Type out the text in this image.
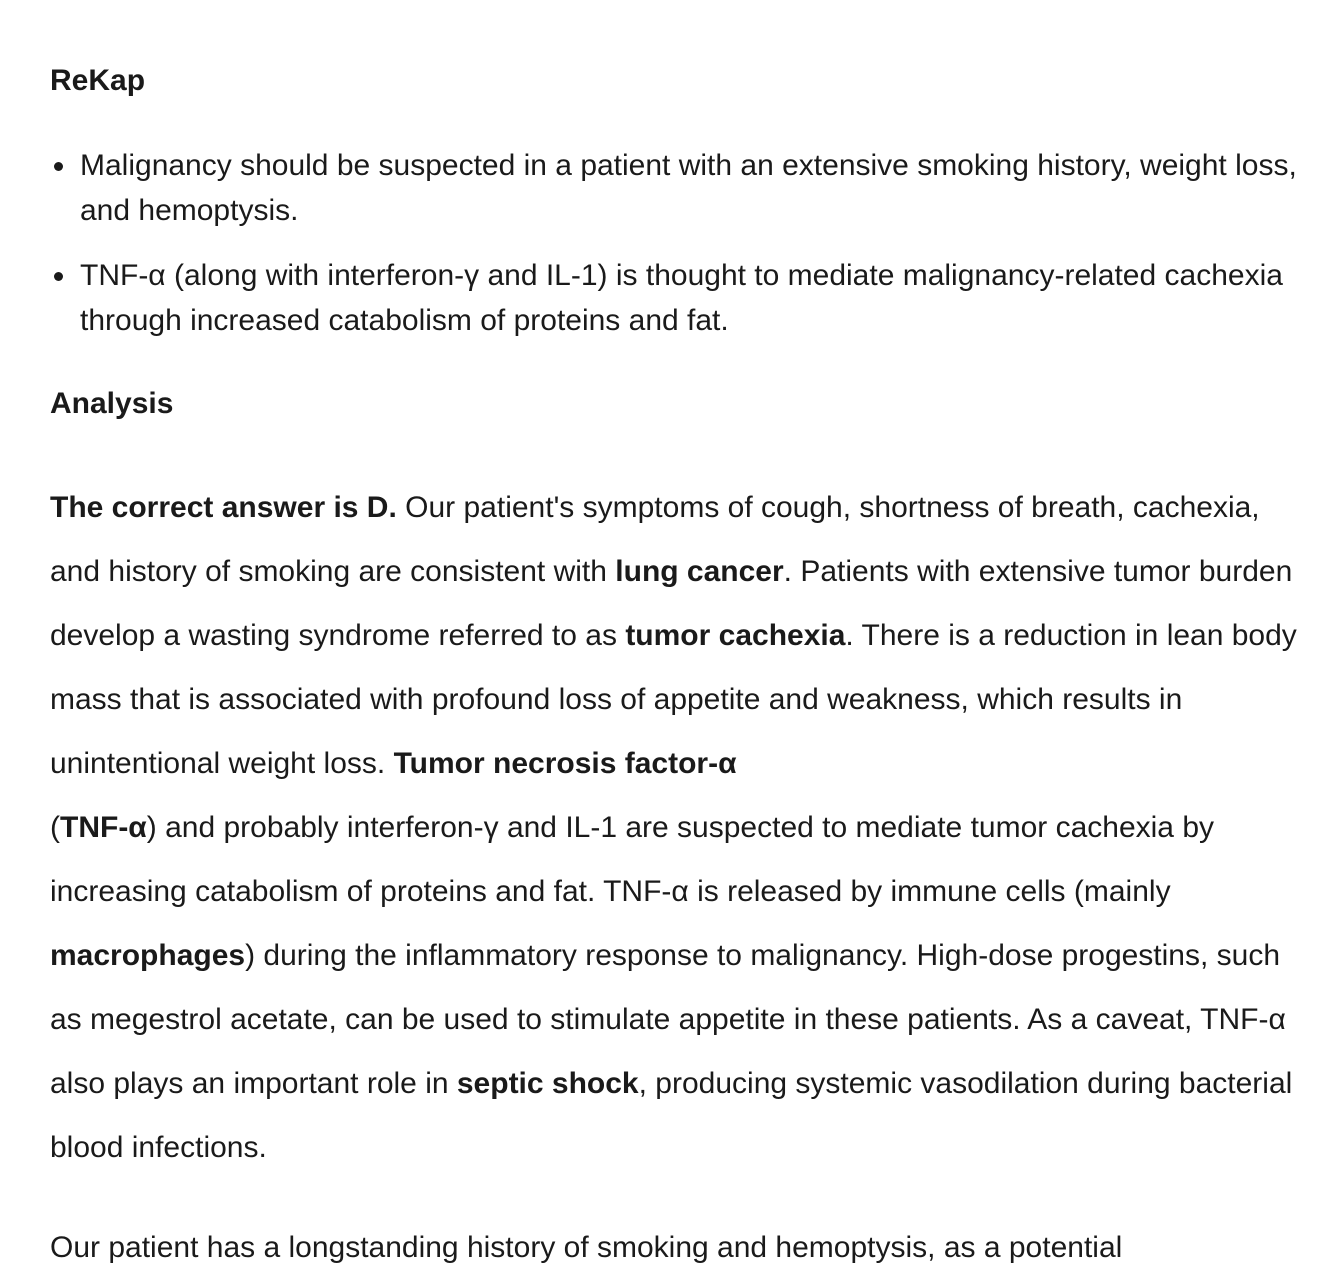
ReKap
Malignancy should be suspected in a patient with an extensive smoking history, weight loss, and hemoptysis.
TNF-α (along with interferon-γ and IL-1) is thought to mediate malignancy-related cachexia through increased catabolism of proteins and fat.
Analysis

The correct answer is D. Our patient's symptoms of cough, shortness of breath, cachexia, and history of smoking are consistent with lung cancer. Patients with extensive tumor burden develop a wasting syndrome referred to as tumor cachexia. There is a reduction in lean body mass that is associated with profound loss of appetite and weakness, which results in unintentional weight loss. Tumor necrosis factor-α
(TNF-α) and probably interferon-γ and IL-1 are suspected to mediate tumor cachexia by increasing catabolism of proteins and fat. TNF-α is released by immune cells (mainly macrophages) during the inflammatory response to malignancy. High-dose progestins, such as megestrol acetate, can be used to stimulate appetite in these patients. As a caveat, TNF-α also plays an important role in septic shock, producing systemic vasodilation during bacterial blood infections.

Our patient has a longstanding history of smoking and hemoptysis, as a potential
